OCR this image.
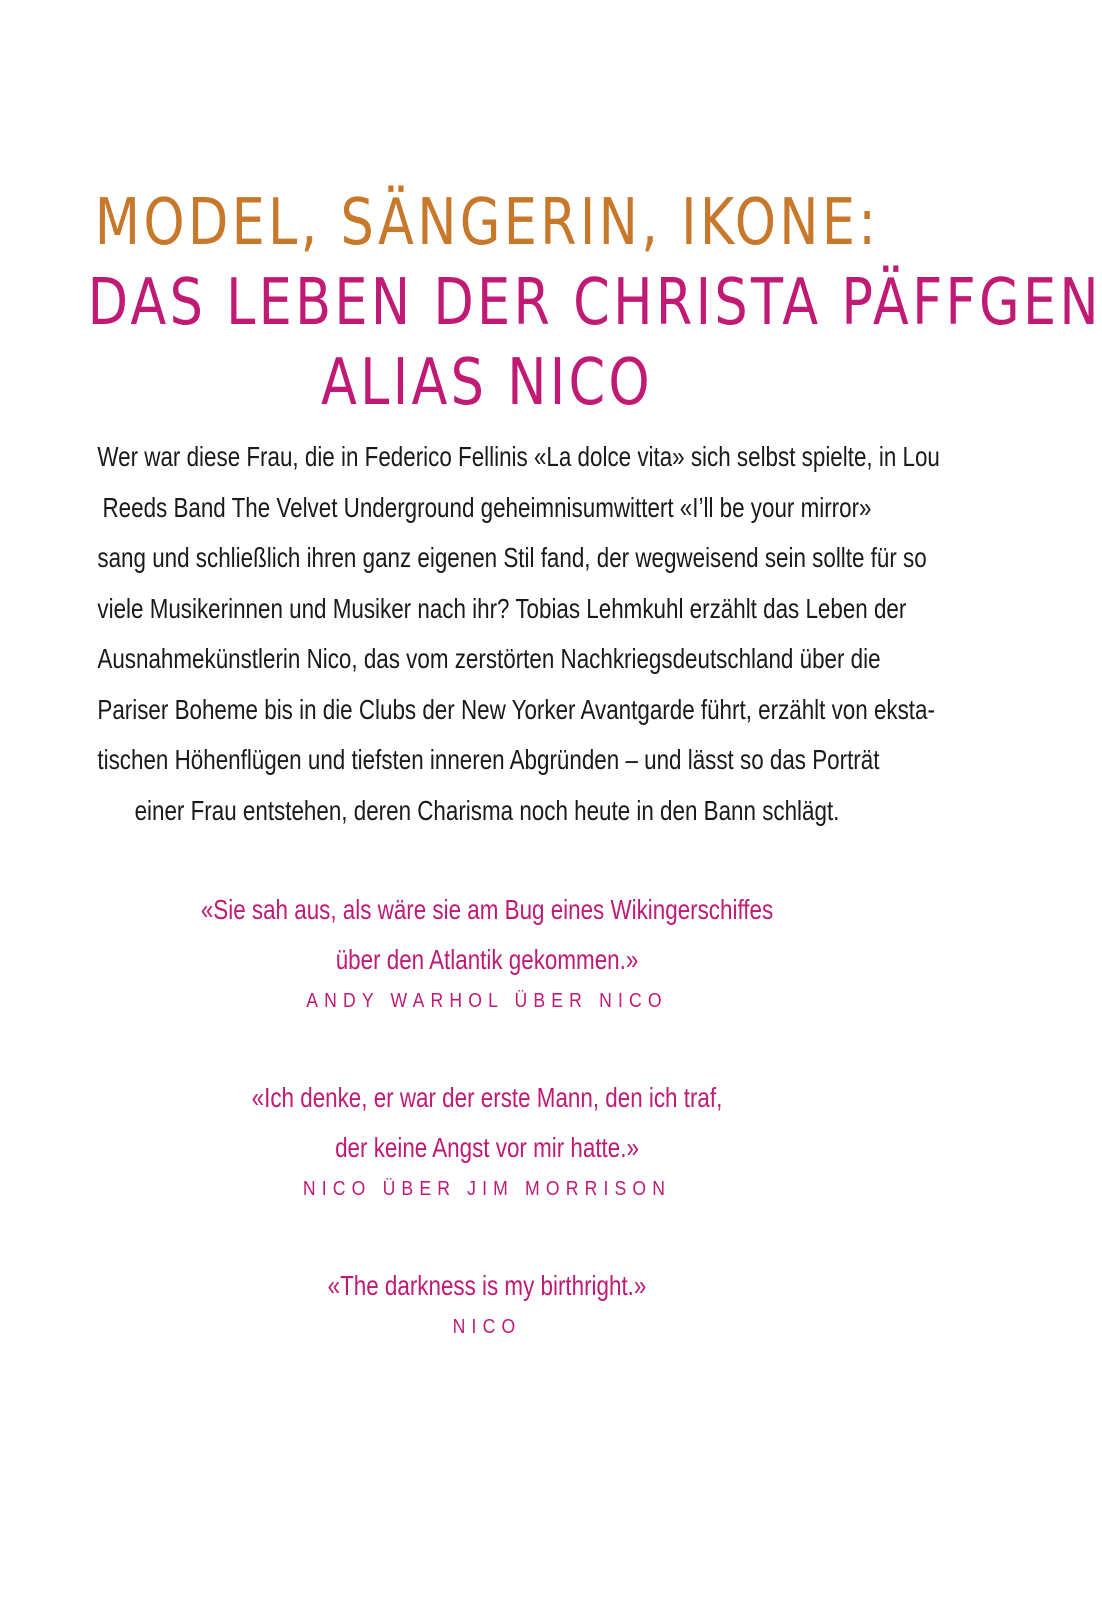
MODEL, SÄNGERIN, IKONE:
DAS LEBEN DER CHRISTA PÄFFGEN
ALIAS NICO
Wer war diese Frau, die in Federico Fellinis «La dolce vita» sich selbst spielte, in Lou
Reeds Band The Velvet Underground geheimnisumwittert «I’ll be your mirror»
sang und schließlich ihren ganz eigenen Stil fand, der wegweisend sein sollte für so
viele Musikerinnen und Musiker nach ihr? Tobias Lehmkuhl erzählt das Leben der
Ausnahmekünstlerin Nico, das vom zerstörten Nachkriegsdeutschland über die
Pariser Boheme bis in die Clubs der New Yorker Avantgarde führt, erzählt von eksta-
tischen Höhenflügen und tiefsten inneren Abgründen – und lässt so das Porträt
einer Frau entstehen, deren Charisma noch heute in den Bann schlägt.
«Sie sah aus, als wäre sie am Bug eines Wikingerschiffes
über den Atlantik gekommen.»
ANDY WARHOL ÜBER NICO
«Ich denke, er war der erste Mann, den ich traf,
der keine Angst vor mir hatte.»
NICO ÜBER JIM MORRISON
«The darkness is my birthright.»
NICO
